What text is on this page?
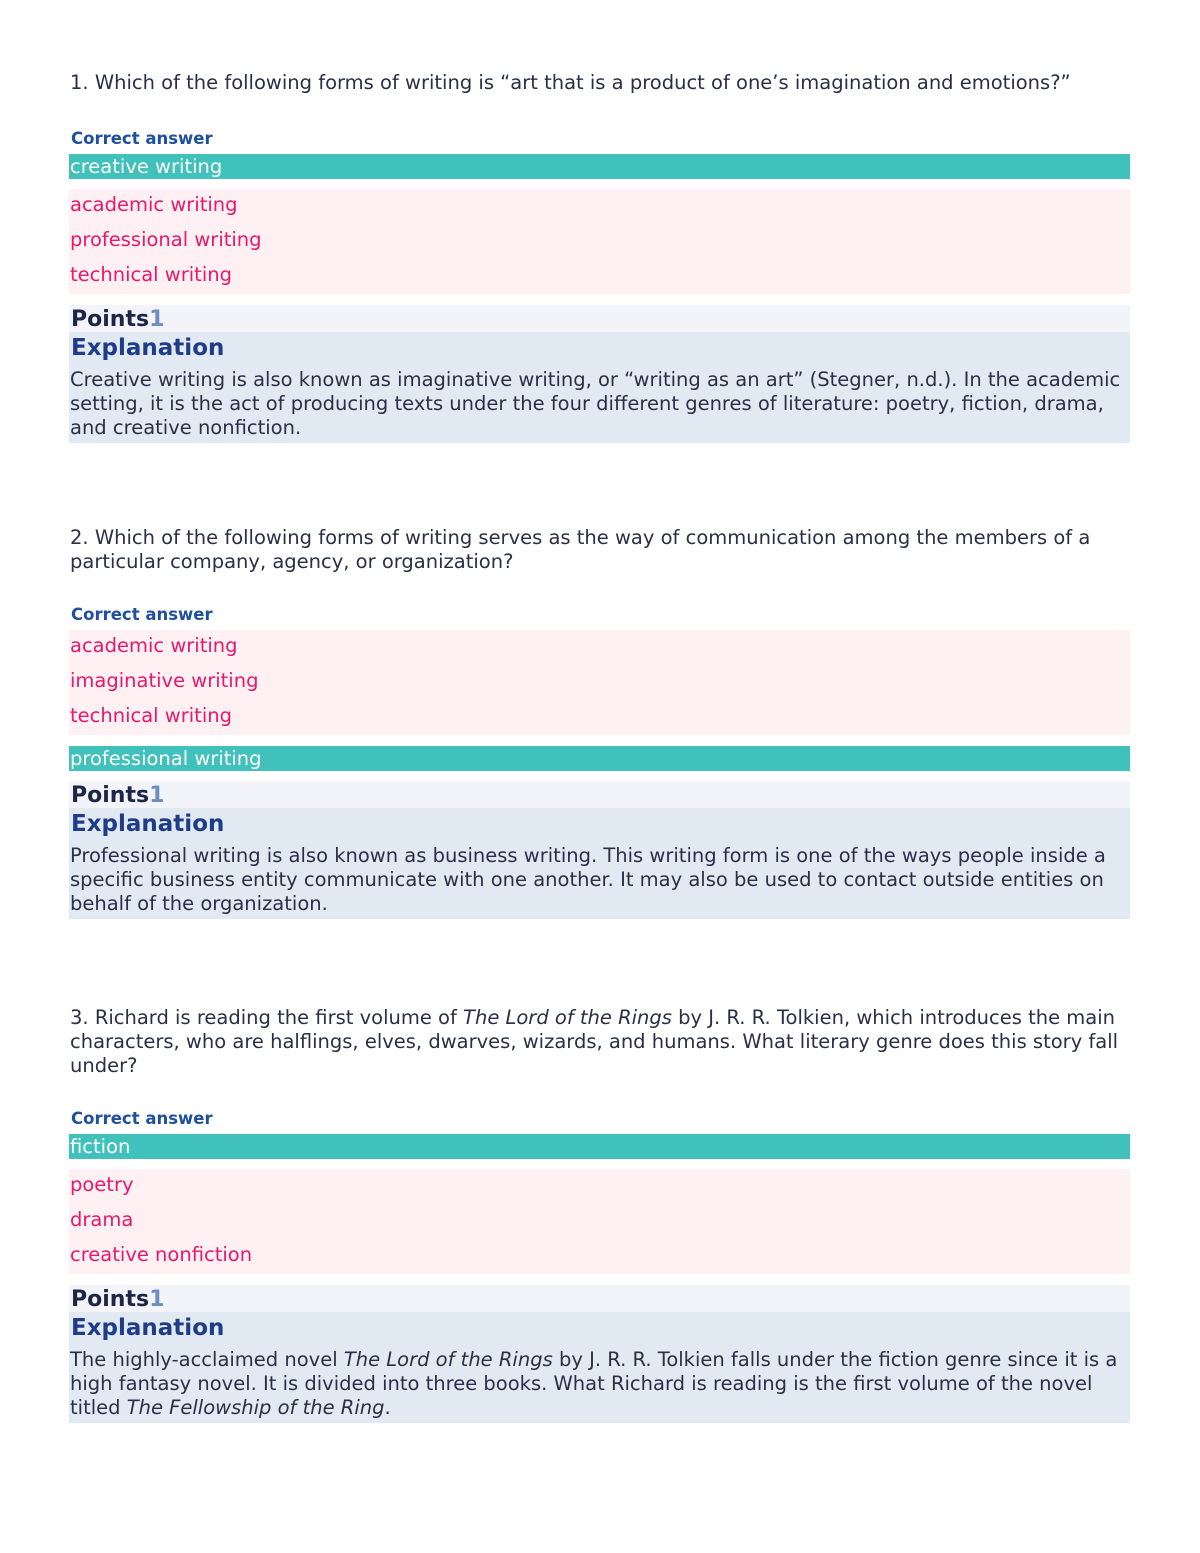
1. Which of the following forms of writing is “art that is a product of one’s imagination and emotions?”

Correct answer
creative writing
academic writing
professional writing
technical writing
Points1
Explanation

Creative writing is also known as imaginative writing, or “writing as an art” (Stegner, n.d.). In the academic        setting, it is the act of producing texts under the four different genres of literature: poetry, fiction, drama, and creative nonfiction.

2. Which of the following forms of writing serves as the way of communication among the members of a particular company, agency, or organization?

Correct answer
academic writing
imaginative writing
technical writing
professional writing
Points1
Explanation

Professional writing is also known as business writing. This writing form is one of the ways people inside a specific business entity communicate with one another. It may also be used to contact outside entities on behalf of the organization.

3. Richard is reading the first volume of The Lord of the Rings by J. R. R. Tolkien, which introduces the main characters, who are halflings, elves, dwarves, wizards, and humans. What literary genre does this story fall under?

Correct answer
fiction
poetry
drama
creative nonfiction
Points1
Explanation

The highly-acclaimed novel The Lord of the Rings by J. R. R. Tolkien falls under the fiction genre since it is a high fantasy novel. It is divided into three books. What Richard is reading is the first volume of the novel titled The Fellowship of the Ring.
